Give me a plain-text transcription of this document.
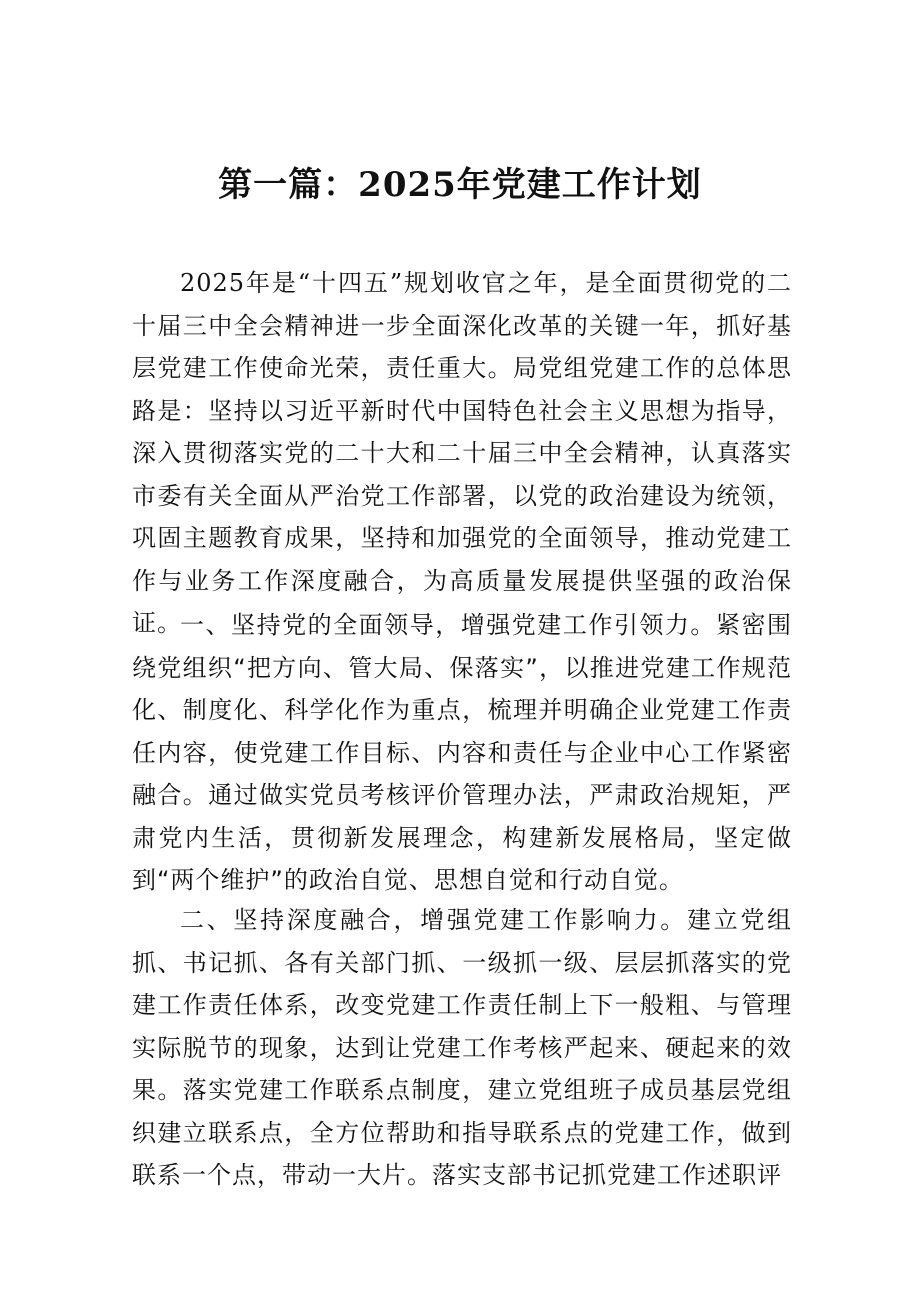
第一篇：2025年党建工作计划

2025年是“十四五”规划收官之年，是全面贯彻党的二十届三中全会精神进一步全面深化改革的关键一年，抓好基层党建工作使命光荣，责任重大。局党组党建工作的总体思路是：坚持以习近平新时代中国特色社会主义思想为指导，深入贯彻落实党的二十大和二十届三中全会精神，认真落实市委有关全面从严治党工作部署，以党的政治建设为统领，巩固主题教育成果，坚持和加强党的全面领导，推动党建工作与业务工作深度融合，为高质量发展提供坚强的政治保证。

一、坚持党的全面领导，增强党建工作引领力。紧密围绕党组织“把方向、管大局、保落实”，以推进党建工作规范化、制度化、科学化作为重点，梳理并明确企业党建工作责任内容，使党建工作目标、内容和责任与企业中心工作紧密融合。通过做实党员考核评价管理办法，严肃政治规矩，严肃党内生活，贯彻新发展理念，构建新发展格局，坚定做到“两个维护”的政治自觉、思想自觉和行动自觉。

二、坚持深度融合，增强党建工作影响力。建立党组抓、书记抓、各有关部门抓、一级抓一级、层层抓落实的党建工作责任体系，改变党建工作责任制上下一般粗、与管理实际脱节的现象，达到让党建工作考核严起来、硬起来的效果。落实党建工作联系点制度，建立党组班子成员基层党组织建立联系点，全方位帮助和指导联系点的党建工作，做到联系一个点，带动一大片。落实支部书记抓党建工作述职评
